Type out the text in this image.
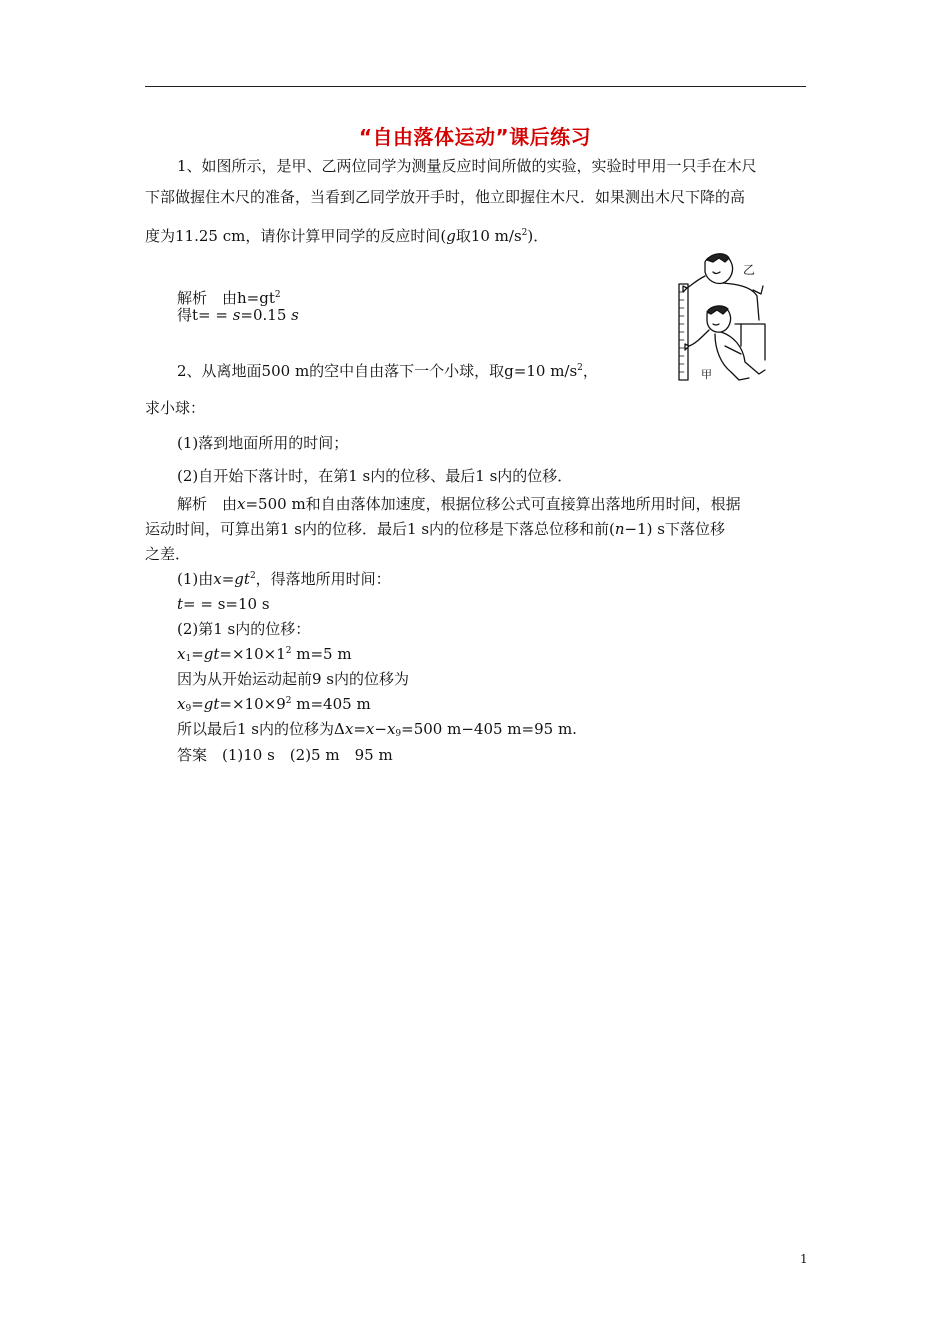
“自由落体运动”课后练习
1、如图所示，是甲、乙两位同学为测量反应时间所做的实验，实验时甲用一只手在木尺
下部做握住木尺的准备，当看到乙同学放开手时，他立即握住木尺．如果测出木尺下降的高
度为11.25 cm，请你计算甲同学的反应时间(g取10 $m/s^2$)．
解析　由$h=gt^2$
得t= = s=0.15 s
乙
甲
2、从离地面500 m的空中自由落下一个小球，取g=10 $m/s^2$，
求小球：
(1)落到地面所用的时间；
(2)自开始下落计时，在第1 s内的位移、最后1 s内的位移．
解析　由x=500 m和自由落体加速度，根据位移公式可直接算出落地所用时间，根据
运动时间，可算出第1 s内的位移．最后1 s内的位移是下落总位移和前(n−1) s下落位移
之差．
(1)由$x=gt^2$，得落地所用时间：
t= = s=10 s
(2)第1 s内的位移：
$x_1=gt=\times 10\times 1^2$ m=5 m
因为从开始运动起前9 s内的位移为
$x_9=gt=\times 10\times 9^2$ m=405 m
所以最后1 s内的位移为$\Delta x=x-x_9=500$ m−405 m=95 m.
答案　(1)10 s　(2)5 m　95 m
1
